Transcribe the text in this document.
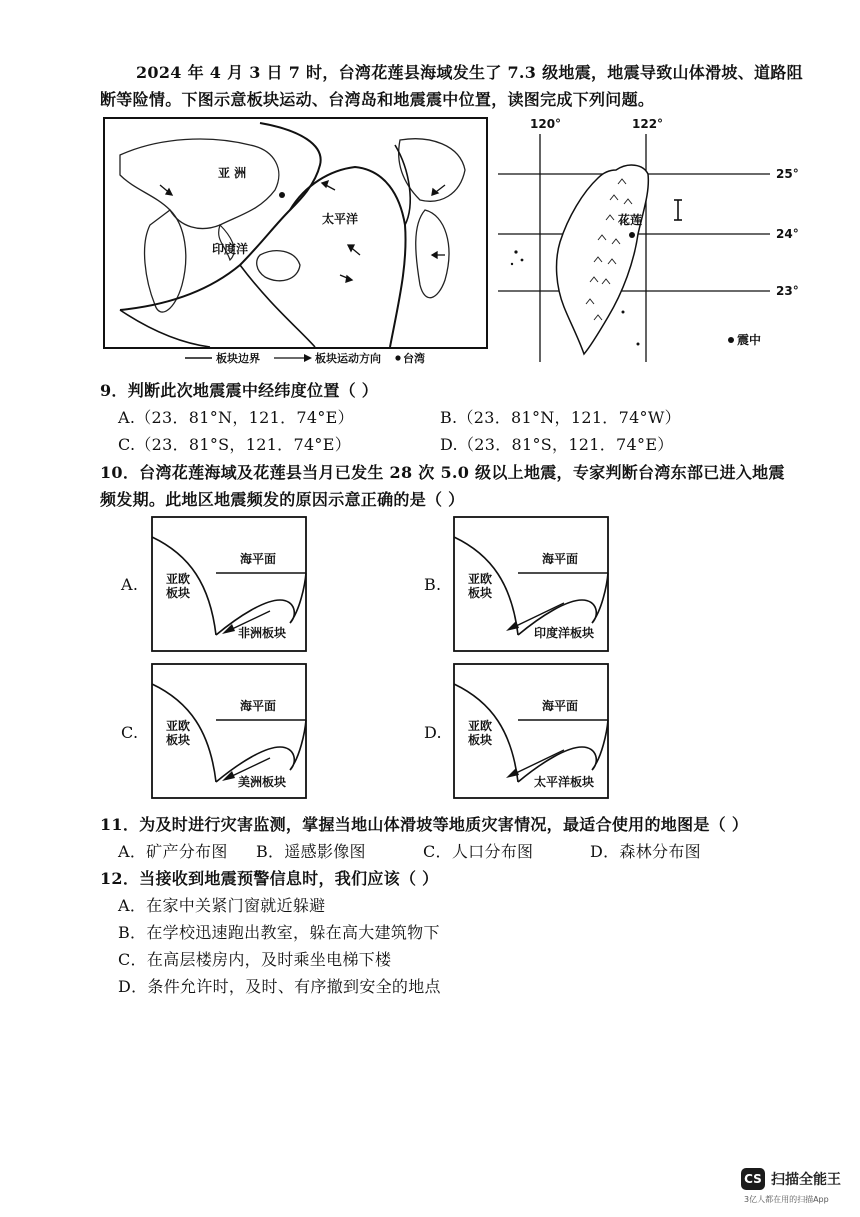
2024 年 4 月 3 日 7 时，台湾花莲县海域发生了 7.3 级地震，地震导致山体滑坡、道路阻
断等险情。下图示意板块运动、台湾岛和地震震中位置，读图完成下列问题。
亚 洲
太平洋
印度洋
板块边界	板块运动方向 台湾
120°	122°
25°
24°
23°
花莲
震中
9．判断此次地震震中经纬度位置（ ）
A.（23．81°N，121．74°E）	B.（23．81°N，121．74°W）
C.（23．81°S，121．74°E）	D.（23．81°S，121．74°E）
10．台湾花莲海域及花莲县当月已发生 28 次 5.0 级以上地震，专家判断台湾东部已进入地震
频发期。此地区地震频发的原因示意正确的是（ ）
A.
海平面
亚欧
板块
非洲板块
B.
海平面
亚欧
板块
印度洋板块
C.
海平面
亚欧
板块
美洲板块
D.
海平面
亚欧
板块
太平洋板块
11．为及时进行灾害监测，掌握当地山体滑坡等地质灾害情况，最适合使用的地图是（ ）
A．矿产分布图 B．遥感影像图	C．人口分布图	D．森林分布图
12．当接收到地震预警信息时，我们应该（ ）
A．在家中关紧门窗就近躲避
B．在学校迅速跑出教室，躲在高大建筑物下
C．在高层楼房内，及时乘坐电梯下楼
D．条件允许时，及时、有序撤到安全的地点
CS 扫描全能王
3亿人都在用的扫描App
